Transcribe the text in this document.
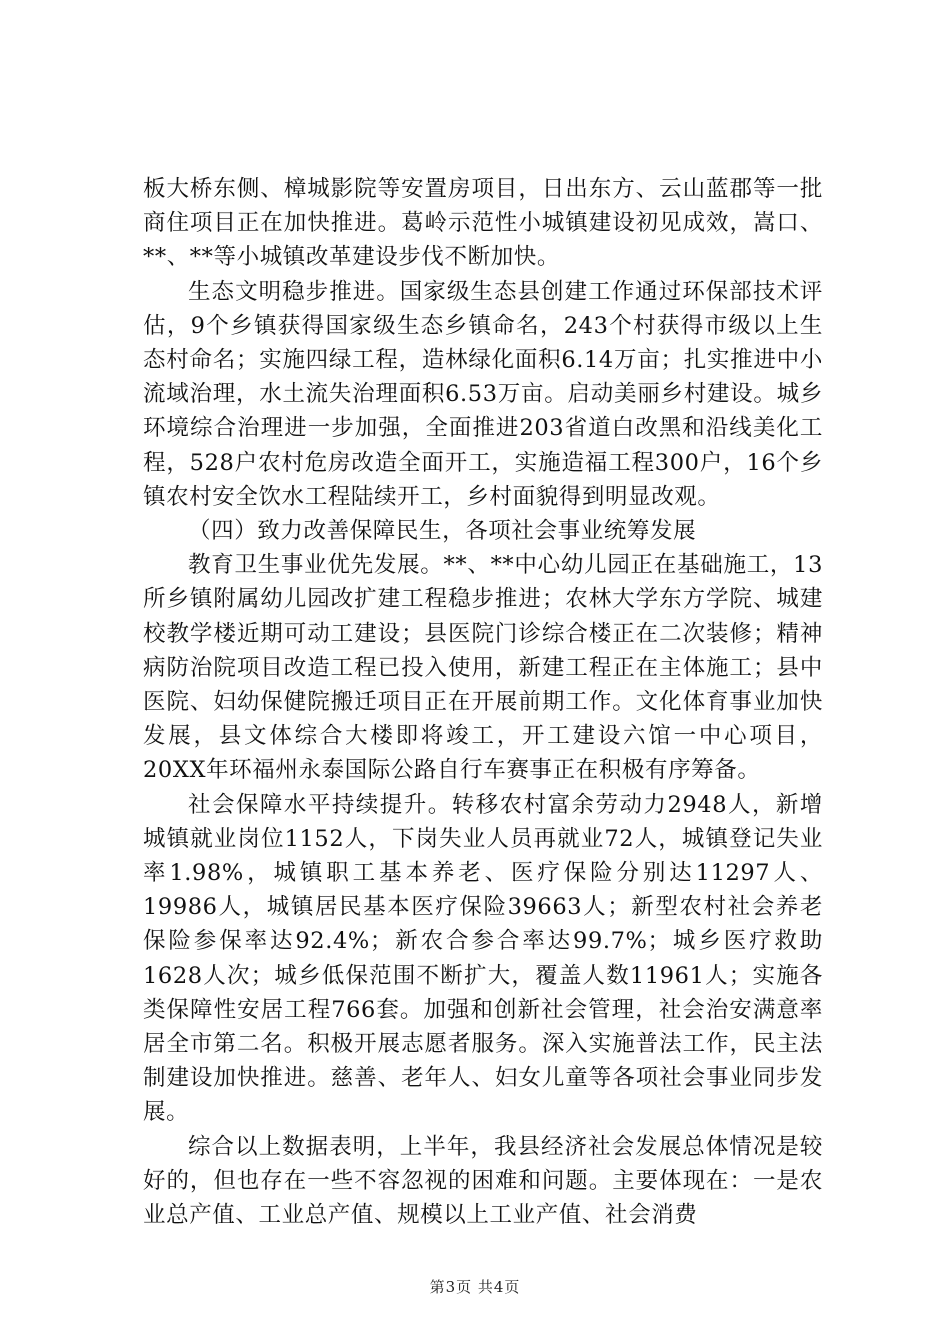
板大桥东侧、樟城影院等安置房项目，日出东方、云山蓝郡等一批商住项目正在加快推进。葛岭示范性小城镇建设初见成效，嵩口、**、**等小城镇改革建设步伐不断加快。

生态文明稳步推进。国家级生态县创建工作通过环保部技术评估，9个乡镇获得国家级生态乡镇命名，243个村获得市级以上生态村命名；实施四绿工程，造林绿化面积6.14万亩；扎实推进中小流域治理，水土流失治理面积6.53万亩。启动美丽乡村建设。城乡环境综合治理进一步加强，全面推进203省道白改黑和沿线美化工程，528户农村危房改造全面开工，实施造福工程300户，16个乡镇农村安全饮水工程陆续开工，乡村面貌得到明显改观。

（四）致力改善保障民生，各项社会事业统筹发展

教育卫生事业优先发展。**、**中心幼儿园正在基础施工，13所乡镇附属幼儿园改扩建工程稳步推进；农林大学东方学院、城建校教学楼近期可动工建设；县医院门诊综合楼正在二次装修；精神病防治院项目改造工程已投入使用，新建工程正在主体施工；县中医院、妇幼保健院搬迁项目正在开展前期工作。文化体育事业加快发展，县文体综合大楼即将竣工，开工建设六馆一中心项目，20XX年环福州永泰国际公路自行车赛事正在积极有序筹备。

社会保障水平持续提升。转移农村富余劳动力2948人，新增城镇就业岗位1152人，下岗失业人员再就业72人，城镇登记失业率1.98%，城镇职工基本养老、医疗保险分别达11297人、19986人，城镇居民基本医疗保险39663人；新型农村社会养老保险参保率达92.4%；新农合参合率达99.7%；城乡医疗救助1628人次；城乡低保范围不断扩大，覆盖人数11961人；实施各类保障性安居工程766套。加强和创新社会管理，社会治安满意率居全市第二名。积极开展志愿者服务。深入实施普法工作，民主法制建设加快推进。慈善、老年人、妇女儿童等各项社会事业同步发展。

综合以上数据表明，上半年，我县经济社会发展总体情况是较好的，但也存在一些不容忽视的困难和问题。主要体现在：一是农业总产值、工业总产值、规模以上工业产值、社会消费

第3页 共4页
